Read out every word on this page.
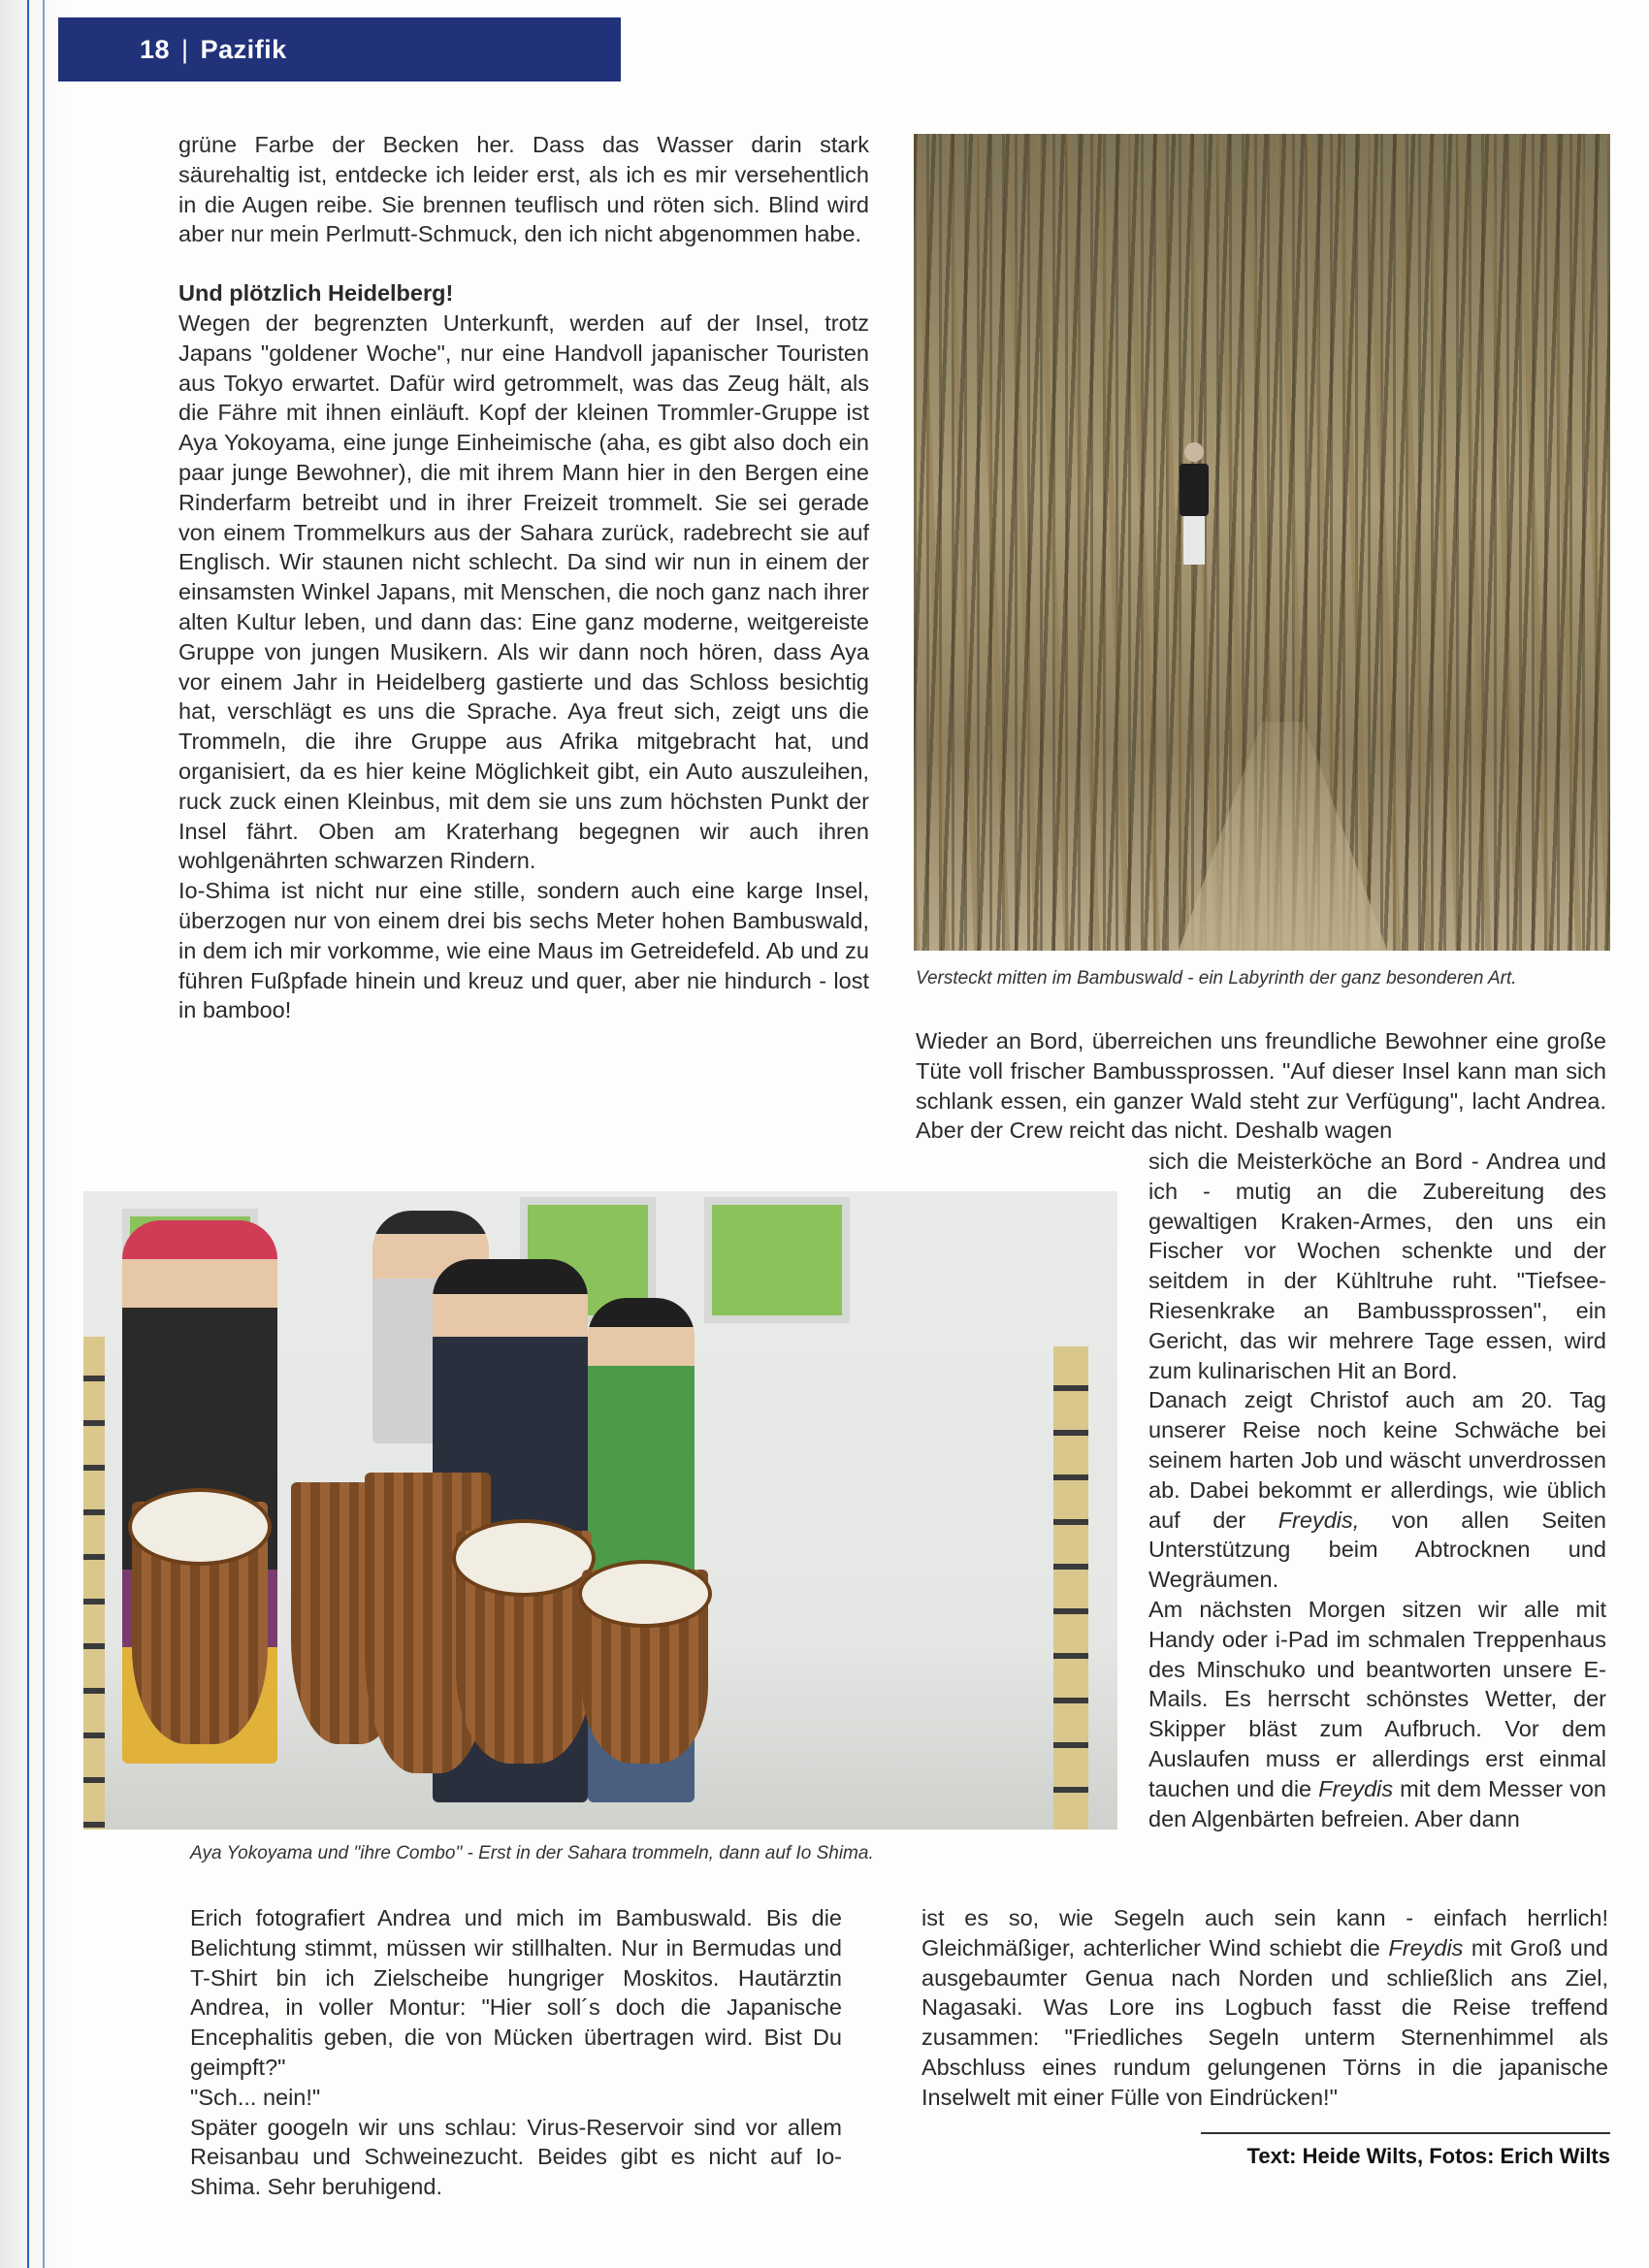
18 | Pazifik

grüne Farbe der Becken her. Dass das Wasser darin stark säurehaltig ist, entdecke ich leider erst, als ich es mir versehentlich in die Augen reibe. Sie brennen teuflisch und röten sich. Blind wird aber nur mein Perlmutt-Schmuck, den ich nicht abgenommen habe.

Und plötzlich Heidelberg!

Wegen der begrenzten Unterkunft, werden auf der Insel, trotz Japans "goldener Woche", nur eine Handvoll japanischer Touristen aus Tokyo erwartet. Dafür wird getrommelt, was das Zeug hält, als die Fähre mit ihnen einläuft. Kopf der kleinen Trommler-Gruppe ist Aya Yokoyama, eine junge Einheimische (aha, es gibt also doch ein paar junge Bewohner), die mit ihrem Mann hier in den Bergen eine Rinderfarm betreibt und in ihrer Freizeit trommelt. Sie sei gerade von einem Trommelkurs aus der Sahara zurück, radebrecht sie auf Englisch. Wir staunen nicht schlecht. Da sind wir nun in einem der einsamsten Winkel Japans, mit Menschen, die noch ganz nach ihrer alten Kultur leben, und dann das: Eine ganz moderne, weitgereiste Gruppe von jungen Musikern. Als wir dann noch hören, dass Aya vor einem Jahr in Heidelberg gastierte und das Schloss besichtig hat, verschlägt es uns die Sprache. Aya freut sich, zeigt uns die Trommeln, die ihre Gruppe aus Afrika mitgebracht hat, und organisiert, da es hier keine Möglichkeit gibt, ein Auto auszuleihen, ruck zuck einen Kleinbus, mit dem sie uns zum höchsten Punkt der Insel fährt. Oben am Kraterhang begegnen wir auch ihren wohlgenährten schwarzen Rindern.

Io-Shima ist nicht nur eine stille, sondern auch eine karge Insel, überzogen nur von einem drei bis sechs Meter hohen Bambuswald, in dem ich mir vorkomme, wie eine Maus im Getreidefeld. Ab und zu führen Fußpfade hinein und kreuz und quer, aber nie hindurch - lost in bamboo!

Versteckt mitten im Bambuswald - ein Labyrinth der ganz besonderen Art.

Wieder an Bord, überreichen uns freundliche Bewohner eine große Tüte voll frischer Bambussprossen. "Auf dieser Insel kann man sich schlank essen, ein ganzer Wald steht zur Verfügung", lacht Andrea. Aber der Crew reicht das nicht. Deshalb wagen

sich die Meisterköche an Bord - Andrea und ich - mutig an die Zubereitung des gewaltigen Kraken-Armes, den uns ein Fischer vor Wochen schenkte und der seitdem in der Kühltruhe ruht. "Tiefsee-Riesenkrake an Bambussprossen", ein Gericht, das wir mehrere Tage essen, wird zum kulinarischen Hit an Bord.

Danach zeigt Christof auch am 20. Tag unserer Reise noch keine Schwäche bei seinem harten Job und wäscht unverdrossen ab. Dabei bekommt er allerdings, wie üblich auf der Freydis, von allen Seiten Unterstützung beim Abtrocknen und Wegräumen.

Am nächsten Morgen sitzen wir alle mit Handy oder i-Pad im schmalen Treppenhaus des Minschuko und beantworten unsere E-Mails. Es herrscht schönstes Wetter, der Skipper bläst zum Aufbruch. Vor dem Auslaufen muss er allerdings erst einmal tauchen und die Freydis mit dem Messer von den Algenbärten befreien. Aber dann

Aya Yokoyama und "ihre Combo" - Erst in der Sahara trommeln, dann auf Io Shima.

Erich fotografiert Andrea und mich im Bambuswald. Bis die Belichtung stimmt, müssen wir stillhalten. Nur in Bermudas und T-Shirt bin ich Zielscheibe hungriger Moskitos. Hautärztin Andrea, in voller Montur: "Hier soll´s doch die Japanische Encephalitis geben, die von Mücken übertragen wird. Bist Du geimpft?"

"Sch... nein!"

Später googeln wir uns schlau: Virus-Reservoir sind vor allem Reisanbau und Schweinezucht. Beides gibt es nicht auf Io-Shima. Sehr beruhigend.

ist es so, wie Segeln auch sein kann - einfach herrlich! Gleichmäßiger, achterlicher Wind schiebt die Freydis mit Groß und ausgebaumter Genua nach Norden und schließlich ans Ziel, Nagasaki. Was Lore ins Logbuch fasst die Reise treffend zusammen: "Friedliches Segeln unterm Sternenhimmel als Abschluss eines rundum gelungenen Törns in die japanische Inselwelt mit einer Fülle von Eindrücken!"

Text: Heide Wilts, Fotos: Erich Wilts
